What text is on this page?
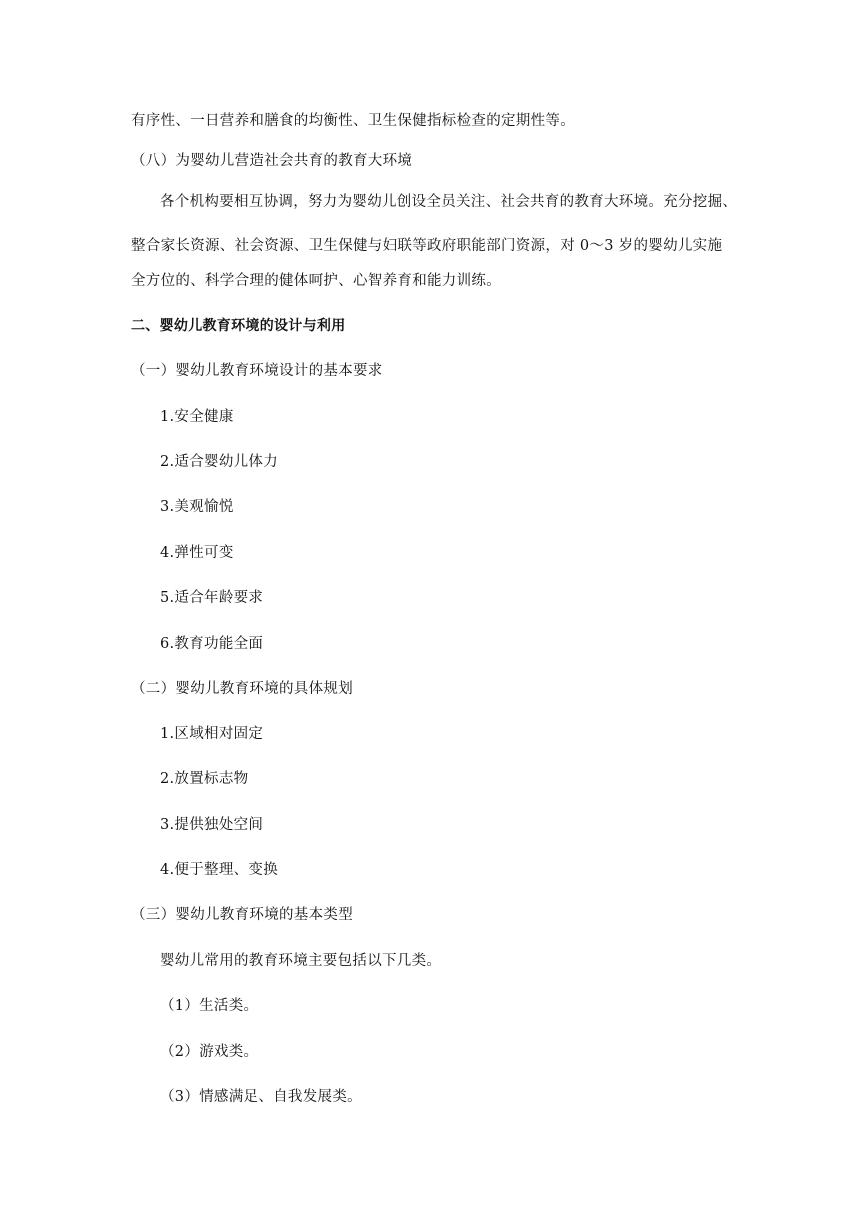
有序性、一日营养和膳食的均衡性、卫生保健指标检查的定期性等。
（八）为婴幼儿营造社会共育的教育大环境
各个机构要相互协调，努力为婴幼儿创设全员关注、社会共育的教育大环境。充分挖掘、
整合家长资源、社会资源、卫生保健与妇联等政府职能部门资源，对 0～3 岁的婴幼儿实施
全方位的、科学合理的健体呵护、心智养育和能力训练。
二、婴幼儿教育环境的设计与利用
（一）婴幼儿教育环境设计的基本要求
1.安全健康
2.适合婴幼儿体力
3.美观愉悦
4.弹性可变
5.适合年龄要求
6.教育功能全面
（二）婴幼儿教育环境的具体规划
1.区域相对固定
2.放置标志物
3.提供独处空间
4.便于整理、变换
（三）婴幼儿教育环境的基本类型
婴幼儿常用的教育环境主要包括以下几类。
（1）生活类。
（2）游戏类。
（3）情感满足、自我发展类。
